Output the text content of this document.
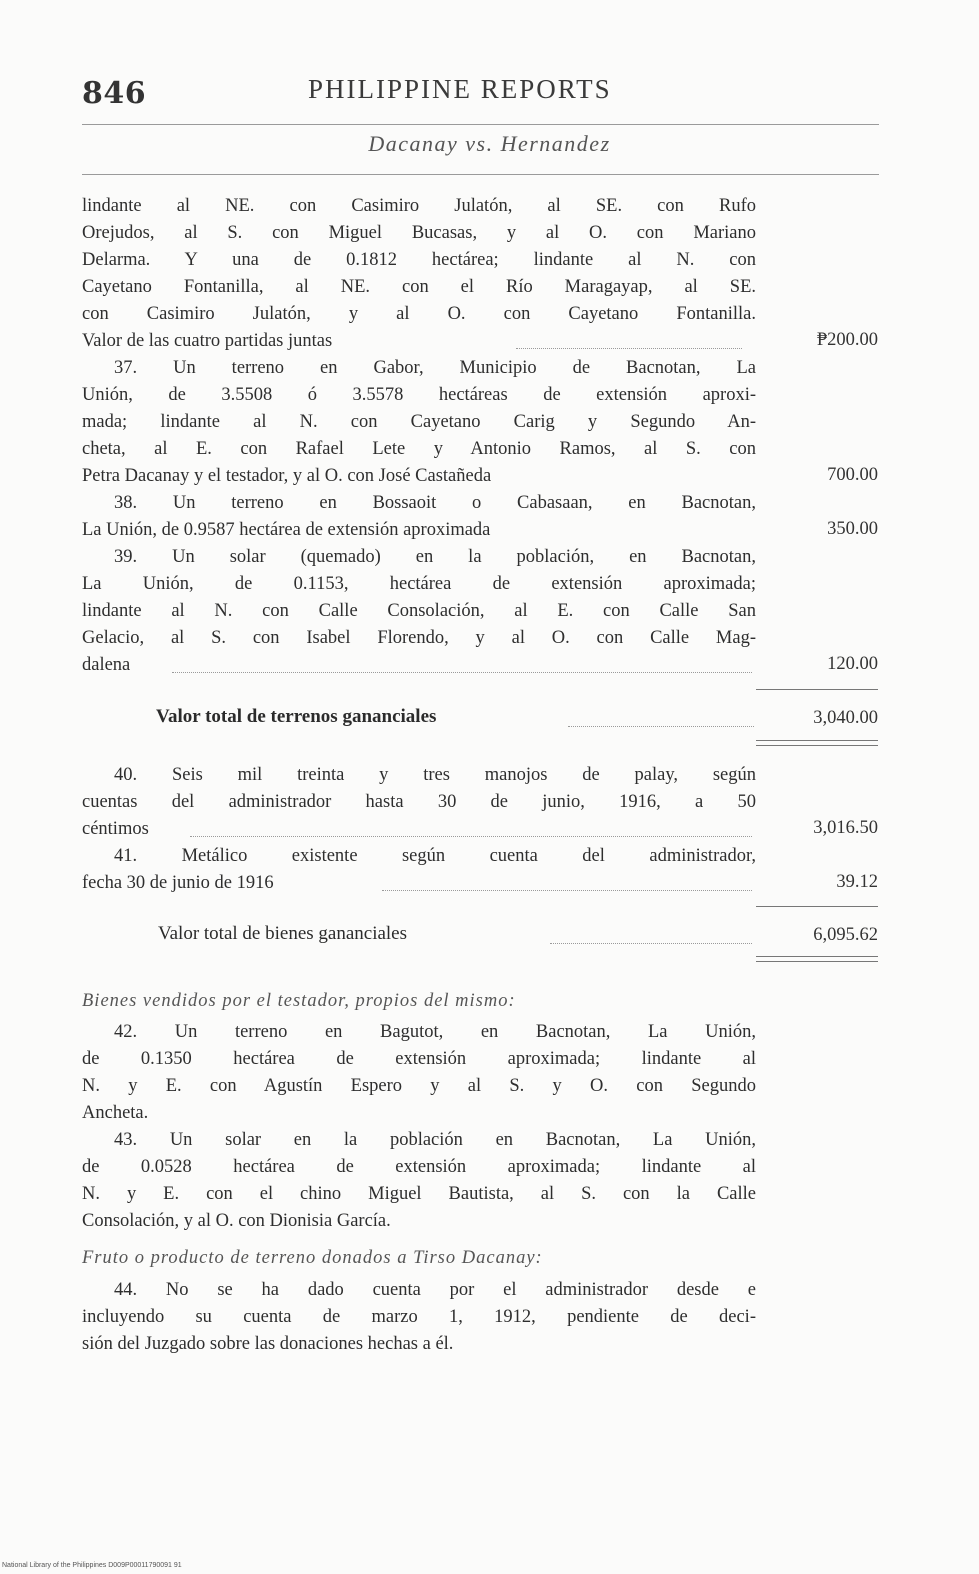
846	PHILIPPINE REPORTS
Dacanay vs. Hernandez
lindante al NE. con Casimiro Julatón, al SE. con Rufo
Orejudos, al S. con Miguel Bucasas, y al O. con Mariano
Delarma. Y una de 0.1812 hectárea; lindante al N. con
Cayetano Fontanilla, al NE. con el Río Maragayap, al SE.
con Casimiro Julatón, y al O. con Cayetano Fontanilla.
Valor de las cuatro partidas juntas	₱200.00
37. Un terreno en Gabor, Municipio de Bacnotan, La
Unión, de 3.5508 ó 3.5578 hectáreas de extensión aproxi-
mada; lindante al N. con Cayetano Carig y Segundo An-
cheta, al E. con Rafael Lete y Antonio Ramos, al S. con
Petra Dacanay y el testador, y al O. con José Castañeda	700.00
38. Un terreno en Bossaoit o Cabasaan, en Bacnotan,
La Unión, de 0.9587 hectárea de extensión aproximada	350.00
39. Un solar (quemado) en la población, en Bacnotan,
La Unión, de 0.1153, hectárea de extensión aproximada;
lindante al N. con Calle Consolación, al E. con Calle San
Gelacio, al S. con Isabel Florendo, y al O. con Calle Mag-
dalena	120.00
Valor total de terrenos gananciales	3,040.00
40. Seis mil treinta y tres manojos de palay, según
cuentas del administrador hasta 30 de junio, 1916, a 50
céntimos	3,016.50
41. Metálico existente según cuenta del administrador,
fecha 30 de junio de 1916	39.12
Valor total de bienes gananciales	6,095.62
Bienes vendidos por el testador, propios del mismo:
42. Un terreno en Bagutot, en Bacnotan, La Unión,
de 0.1350 hectárea de extensión aproximada; lindante al
N. y E. con Agustín Espero y al S. y O. con Segundo
Ancheta.
43. Un solar en la población en Bacnotan, La Unión,
de 0.0528 hectárea de extensión aproximada; lindante al
N. y E. con el chino Miguel Bautista, al S. con la Calle
Consolación, y al O. con Dionisia García.
Fruto o producto de terreno donados a Tirso Dacanay:
44. No se ha dado cuenta por el administrador desde e
incluyendo su cuenta de marzo 1, 1912, pendiente de deci-
sión del Juzgado sobre las donaciones hechas a él.
National Library of the Philippines D009P00011790091 91
